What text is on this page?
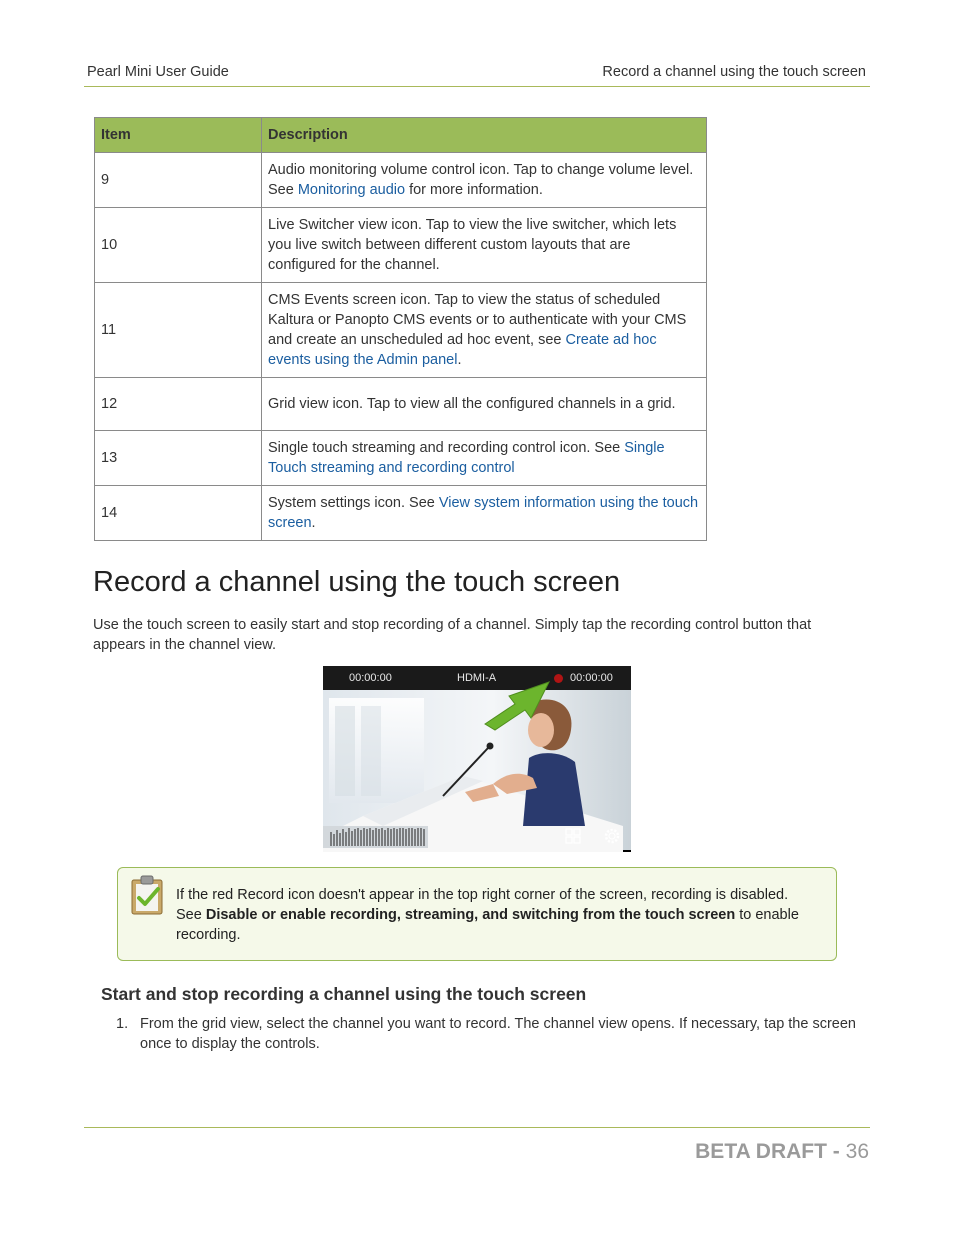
Pearl Mini User Guide	Record a channel using the touch screen
Item	Description
9	Audio monitoring volume control icon. Tap to change volume level. See Monitoring audio for more information.
10	Live Switcher view icon. Tap to view the live switcher, which lets you live switch between different custom layouts that are configured for the channel.
11	CMS Events screen icon. Tap to view the status of scheduled Kaltura or Panopto CMS events or to authenticate with your CMS and create an unscheduled ad hoc event, see Create ad hoc events using the Admin panel.
12	Grid view icon. Tap to view all the configured channels in a grid.
13	Single touch streaming and recording control icon. See Single Touch streaming and recording control
14	System settings icon. See View system information using the touch screen.
Record a channel using the touch screen

Use the touch screen to easily start and stop recording of a channel. Simply tap the recording control button that appears in the channel view.

00:00:00	HDMI-A	00:00:00

If the red Record icon doesn't appear in the top right corner of the screen, recording is disabled. See Disable or enable recording, streaming, and switching from the touch screen to enable recording.

Start and stop recording a channel using the touch screen
1. From the grid view, select the channel you want to record. The channel view opens. If necessary, tap the screen once to display the controls.
BETA DRAFT - 36
